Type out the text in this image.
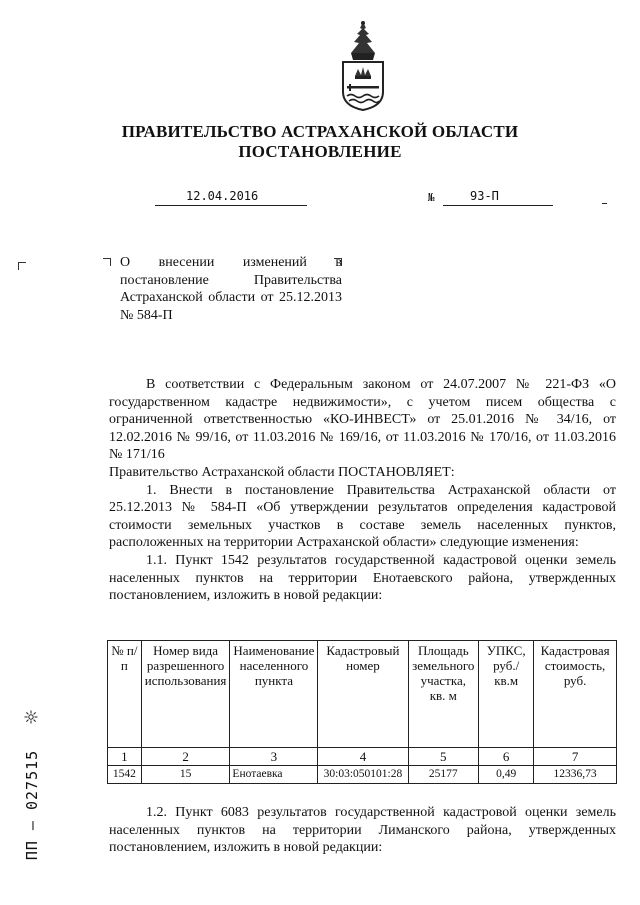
ПРАВИТЕЛЬСТВО АСТРАХАНСКОЙ ОБЛАСТИ
ПОСТАНОВЛЕНИЕ
12.04.2016	№	93-П
О внесении изменений в постановление Правительства Астраханской области от 25.12.2013 № 584-П

В соответствии с Федеральным законом от 24.07.2007 № 221-ФЗ «О государственном кадастре недвижимости», с учетом писем общества с ограниченной ответственностью «КО-ИНВЕСТ» от 25.01.2016 № 34/16, от 12.02.2016 № 99/16, от 11.03.2016 № 169/16, от 11.03.2016 № 170/16, от 11.03.2016 № 171/16

Правительство Астраханской области ПОСТАНОВЛЯЕТ:

1. Внести в постановление Правительства Астраханской области от 25.12.2013 № 584-П «Об утверждении результатов определения кадастровой стоимости земельных участков в составе земель населенных пунктов, расположенных на территории Астраханской области» следующие изменения:

1.1. Пункт 1542 результатов государственной кадастровой оценки земель населенных пунктов на территории Енотаевского района, утвержденных постановлением, изложить в новой редакции:

№ п/п	Номер вида разрешенного использования	Наименование населенного пункта	Кадастровый номер	Площадь земельного участка, кв. м	УПКС, руб./ кв.м	Кадастровая стоимость, руб.
1	2	3	4	5	6	7
1542	15	Енотаевка	30:03:050101:28	25177	0,49	12336,73

1.2. Пункт 6083 результатов государственной кадастровой оценки земель населенных пунктов на территории Лиманского района, утвержденных постановлением, изложить в новой редакции:

ПП – 027515
